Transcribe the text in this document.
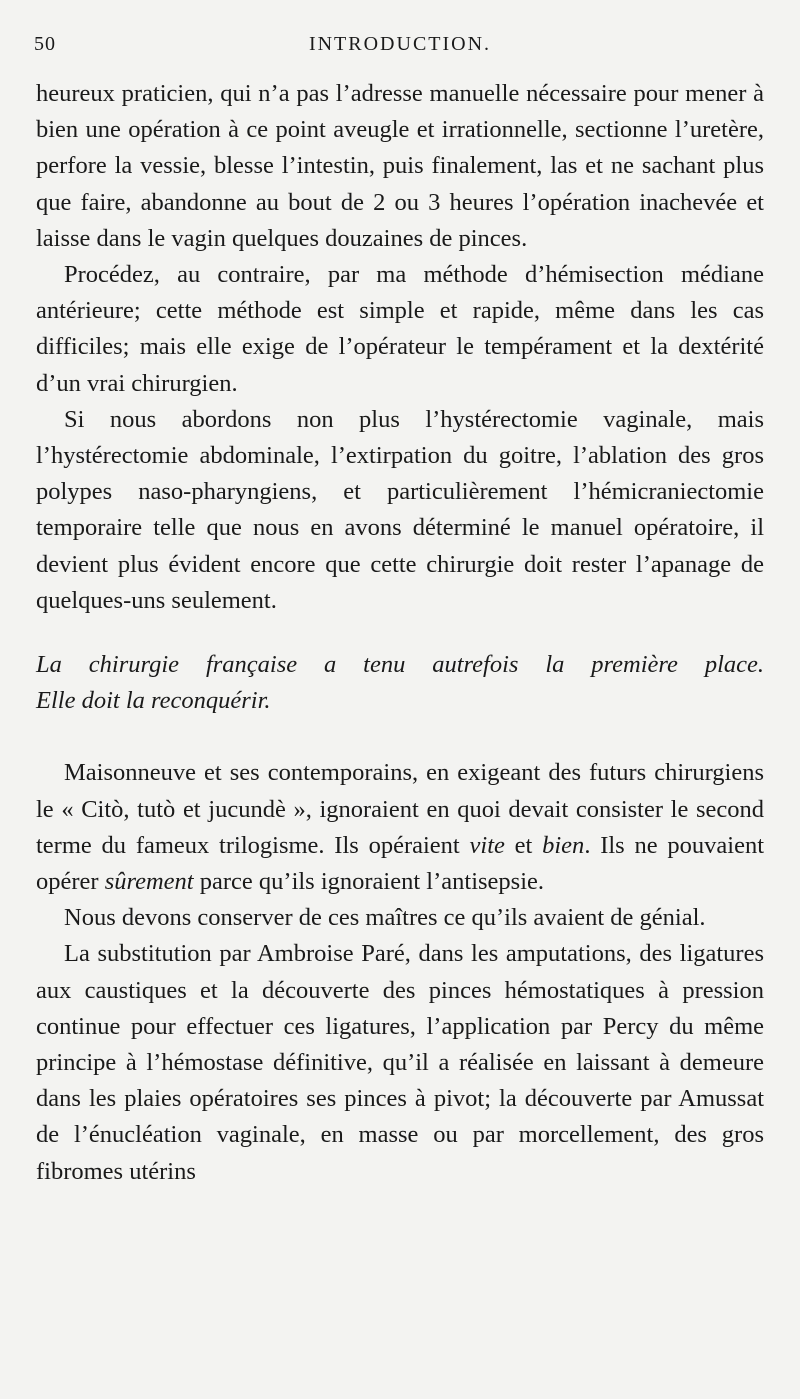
50	INTRODUCTION.

heureux praticien, qui n’a pas l’adresse manuelle nécessaire pour mener à bien une opération à ce point aveugle et irrationnelle, sectionne l’uretère, perfore la vessie, blesse l’intestin, puis finalement, las et ne sachant plus que faire, abandonne au bout de 2 ou 3 heures l’opération inachevée et laisse dans le vagin quelques douzaines de pinces.

Procédez, au contraire, par ma méthode d’hémisection médiane antérieure; cette méthode est simple et rapide, même dans les cas difficiles; mais elle exige de l’opérateur le tempérament et la dextérité d’un vrai chirurgien.

Si nous abordons non plus l’hystérectomie vaginale, mais l’hystérectomie abdominale, l’extirpation du goitre, l’ablation des gros polypes naso-pharyngiens, et particulièrement l’hémicraniectomie temporaire telle que nous en avons déterminé le manuel opératoire, il devient plus évident encore que cette chirurgie doit rester l’apanage de quelques-uns seulement.

La chirurgie française a tenu autrefois la première place.
Elle doit la reconquérir.

Maisonneuve et ses contemporains, en exigeant des futurs chirurgiens le « Citò, tutò et jucundè », ignoraient en quoi devait consister le second terme du fameux trilogisme. Ils opéraient vite et bien. Ils ne pouvaient opérer sûrement parce qu’ils ignoraient l’antisepsie.

Nous devons conserver de ces maîtres ce qu’ils avaient de génial.

La substitution par Ambroise Paré, dans les amputations, des ligatures aux caustiques et la découverte des pinces hémostatiques à pression continue pour effectuer ces ligatures, l’application par Percy du même principe à l’hémostase définitive, qu’il a réalisée en laissant à demeure dans les plaies opératoires ses pinces à pivot; la découverte par Amussat de l’énucléation vaginale, en masse ou par morcellement, des gros fibromes utérins
